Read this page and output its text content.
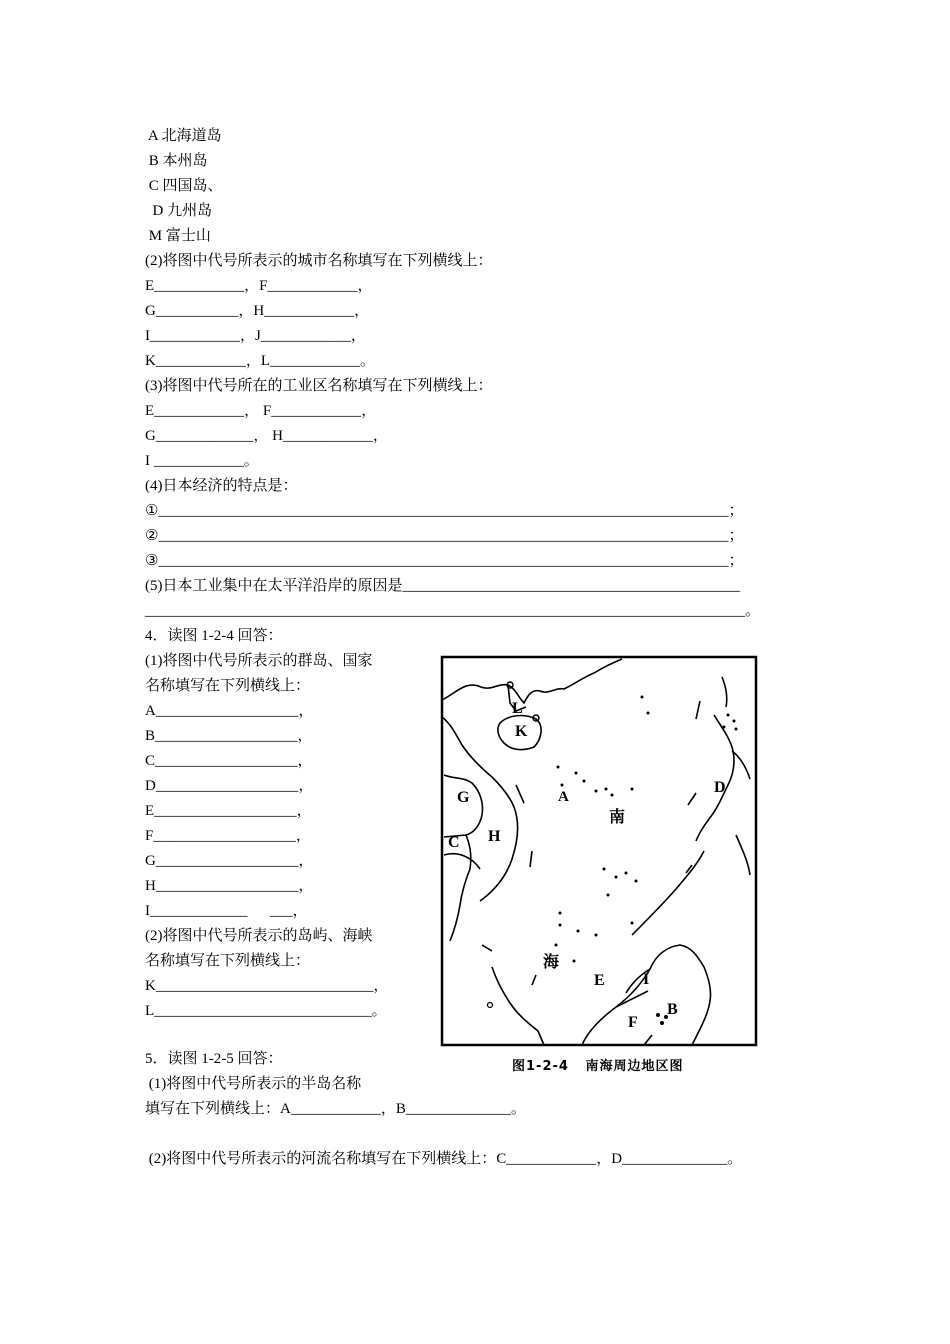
A 北海道岛
B 本州岛
C 四国岛、
D 九州岛
M 富士山
(2)将图中代号所表示的城市名称填写在下列横线上：
E____________，F____________，
G___________，H____________，
I____________，J____________，
K____________，L____________。
(3)将图中代号所在的工业区名称填写在下列横线上：
E____________， F____________，
G_____________， H____________，
I ____________。
(4)日本经济的特点是：
①____________________________________________________________________________；
②____________________________________________________________________________；
③____________________________________________________________________________；
(5)日本工业集中在太平洋沿岸的原因是_____________________________________________
________________________________________________________________________________。
4．读图 1-2-4 回答：
(1)将图中代号所表示的群岛、国家
名称填写在下列横线上：
A___________________，
B___________________，
C___________________，
D___________________，
E___________________，
F___________________，
G___________________，
H___________________，
I_____________      ___，
(2)将图中代号所表示的岛屿、海峡
名称填写在下列横线上：
K_____________________________，
L_____________________________。
L
K
A
南
D
G
C H
海
E I
B
F
图1-2-4   南海周边地区图
5．读图 1-2-5 回答：
(1)将图中代号所表示的半岛名称
填写在下列横线上：A____________，B______________。
(2)将图中代号所表示的河流名称填写在下列横线上：C____________，D______________。
